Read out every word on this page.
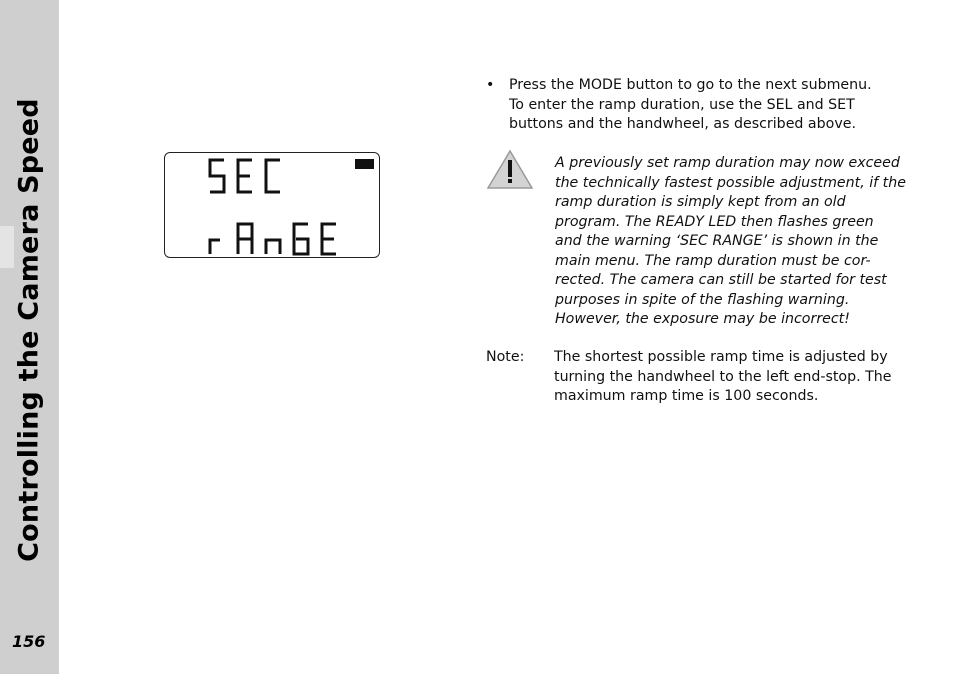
Controlling the Camera Speed
156
•	Press the MODE button to go to the next submenu.
To enter the ramp duration, use the SEL and SET
buttons and the handwheel, as described above.
A previously set ramp duration may now exceed
the technically fastest possible adjustment, if the
ramp duration is simply kept from an old
program. The READY LED then flashes green
and the warning ‘SEC RANGE’ is shown in the
main menu. The ramp duration must be cor-
rected. The camera can still be started for test
purposes in spite of the flashing warning.
However, the exposure may be incorrect!
Note: The shortest possible ramp time is adjusted by
turning the handwheel to the left end-stop. The
maximum ramp time is 100 seconds.
